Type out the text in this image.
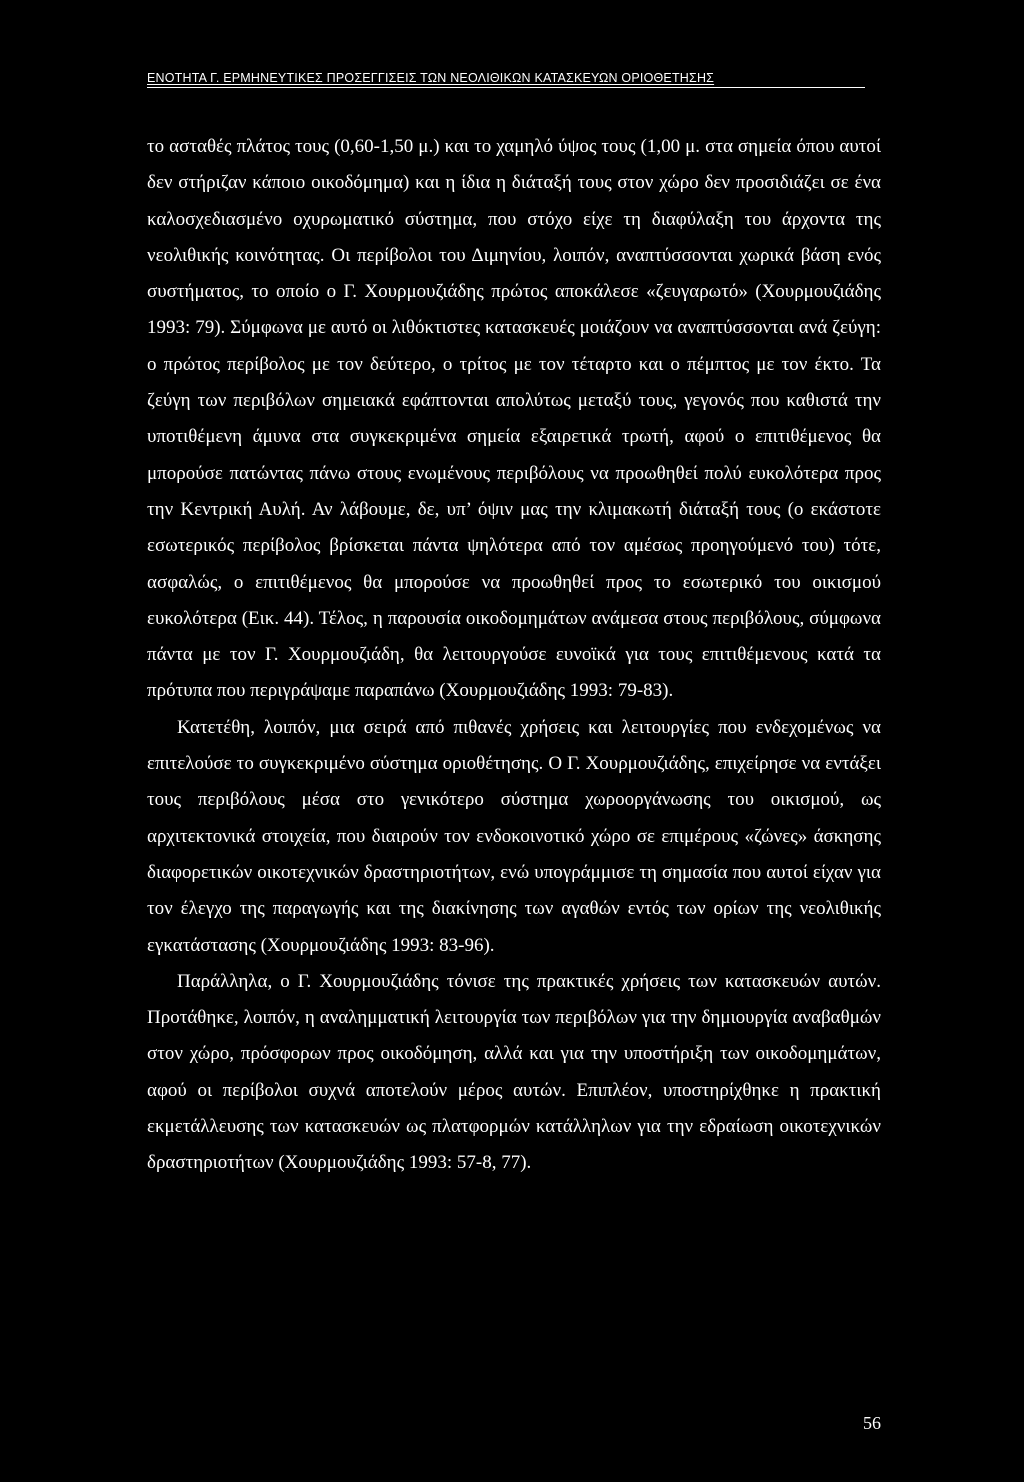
ΕΝΟΤΗΤΑ Γ. ΕΡΜΗΝΕΥΤΙΚΕΣ ΠΡΟΣΕΓΓΙΣΕΙΣ ΤΩΝ ΝΕΟΛΙΘΙΚΩΝ ΚΑΤΑΣΚΕΥΩΝ ΟΡΙΟΘΕΤΗΣΗΣ

το ασταθές πλάτος τους (0,60-1,50 μ.) και το χαμηλό ύψος τους (1,00 μ. στα σημεία όπου αυτοί δεν στήριζαν κάποιο οικοδόμημα) και η ίδια η διάταξή τους στον χώρο δεν προσιδιάζει σε ένα καλοσχεδιασμένο οχυρωματικό σύστημα, που στόχο είχε τη διαφύλαξη του άρχοντα της νεολιθικής κοινότητας. Οι περίβολοι του Διμηνίου, λοιπόν, αναπτύσσονται χωρικά βάση ενός συστήματος, το οποίο ο Γ. Χουρμουζιάδης πρώτος αποκάλεσε «ζευγαρωτό» (Χουρμουζιάδης 1993: 79). Σύμφωνα με αυτό οι λιθόκτιστες κατασκευές μοιάζουν να αναπτύσσονται ανά ζεύγη: ο πρώτος περίβολος με τον δεύτερο, ο τρίτος με τον τέταρτο και ο πέμπτος με τον έκτο. Τα ζεύγη των περιβόλων σημειακά εφάπτονται απολύτως μεταξύ τους, γεγονός που καθιστά την υποτιθέμενη άμυνα στα συγκεκριμένα σημεία εξαιρετικά τρωτή, αφού ο επιτιθέμενος θα μπορούσε πατώντας πάνω στους ενωμένους περιβόλους να προωθηθεί πολύ ευκολότερα προς την Κεντρική Αυλή. Αν λάβουμε, δε, υπ’ όψιν μας την κλιμακωτή διάταξή τους (ο εκάστοτε εσωτερικός περίβολος βρίσκεται πάντα ψηλότερα από τον αμέσως προηγούμενό του) τότε, ασφαλώς, ο επιτιθέμενος θα μπορούσε να προωθηθεί προς το εσωτερικό του οικισμού ευκολότερα (Εικ. 44). Τέλος, η παρουσία οικοδομημάτων ανάμεσα στους περιβόλους, σύμφωνα πάντα με τον Γ. Χουρμουζιάδη, θα λειτουργούσε ευνοϊκά για τους επιτιθέμενους κατά τα πρότυπα που περιγράψαμε παραπάνω (Χουρμουζιάδης 1993: 79-83).

Κατετέθη, λοιπόν, μια σειρά από πιθανές χρήσεις και λειτουργίες που ενδεχομένως να επιτελούσε το συγκεκριμένο σύστημα οριοθέτησης. Ο Γ. Χουρμουζιάδης, επιχείρησε να εντάξει τους περιβόλους μέσα στο γενικότερο σύστημα χωροοργάνωσης του οικισμού, ως αρχιτεκτονικά στοιχεία, που διαιρούν τον ενδοκοινοτικό χώρο σε επιμέρους «ζώνες» άσκησης διαφορετικών οικοτεχνικών δραστηριοτήτων, ενώ υπογράμμισε τη σημασία που αυτοί είχαν για τον έλεγχο της παραγωγής και της διακίνησης των αγαθών εντός των ορίων της νεολιθικής εγκατάστασης (Χουρμουζιάδης 1993: 83-96).

Παράλληλα, ο Γ. Χουρμουζιάδης τόνισε της πρακτικές χρήσεις των κατασκευών αυτών. Προτάθηκε, λοιπόν, η αναλημματική λειτουργία των περιβόλων για την δημιουργία αναβαθμών στον χώρο, πρόσφορων προς οικοδόμηση, αλλά και για την υποστήριξη των οικοδομημάτων, αφού οι περίβολοι συχνά αποτελούν μέρος αυτών. Επιπλέον, υποστηρίχθηκε η πρακτική εκμετάλλευσης των κατασκευών ως πλατφορμών κατάλληλων για την εδραίωση οικοτεχνικών δραστηριοτήτων (Χουρμουζιάδης 1993: 57-8, 77).

56
